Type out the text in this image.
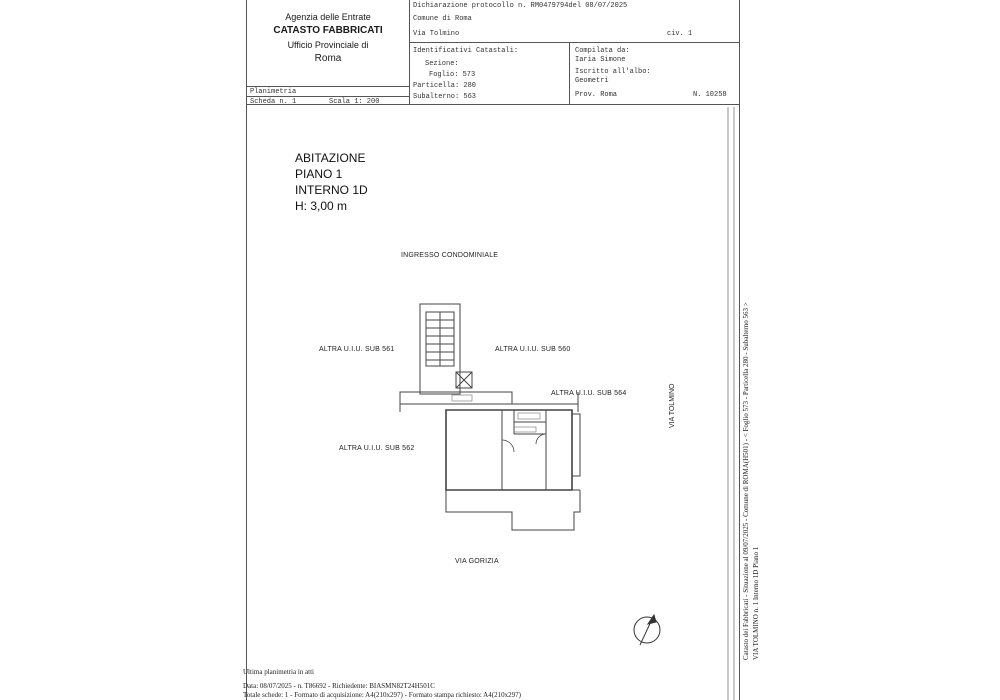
Agenzia delle Entrate
CATASTO FABBRICATI
Ufficio Provinciale di
Roma
Dichiarazione protocollo n. RM0479794del 08/07/2025
Comune di Roma
Via Tolmino	civ. 1
Identificativi Catastali:
Sezione:
Foglio: 573
Particella: 280
Subalterno: 563
Compilata da:
Iaria Simone
Iscritto all'albo:
Geometri
Prov. Roma	N. 10258
Planimetria
Scheda n. 1	Scala 1: 200
ABITAZIONE
PIANO 1
INTERNO 1D
H: 3,00 m
INGRESSO CONDOMINIALE
ALTRA U.I.U. SUB 561	ALTRA U.I.U. SUB 560
ALTRA U.I.U. SUB 564
ALTRA U.I.U. SUB 562
VIA GORIZIA
VIA TOLMINO
Ultima planimetria in atti
Data: 08/07/2025 - n. T86692 - Richiedente: BIASMN82T24H501C
Totale schede: 1 - Formato di acquisizione: A4(210x297) - Formato stampa richiesto: A4(210x297)
Catasto dei Fabbricati - Situazione al 09/07/2025 - Comune di ROMA(H501) - < Foglio 573 - Particella 280 - Subalterno 563 > VIA TOLMINO n. 1 Interno 1D Piano 1
